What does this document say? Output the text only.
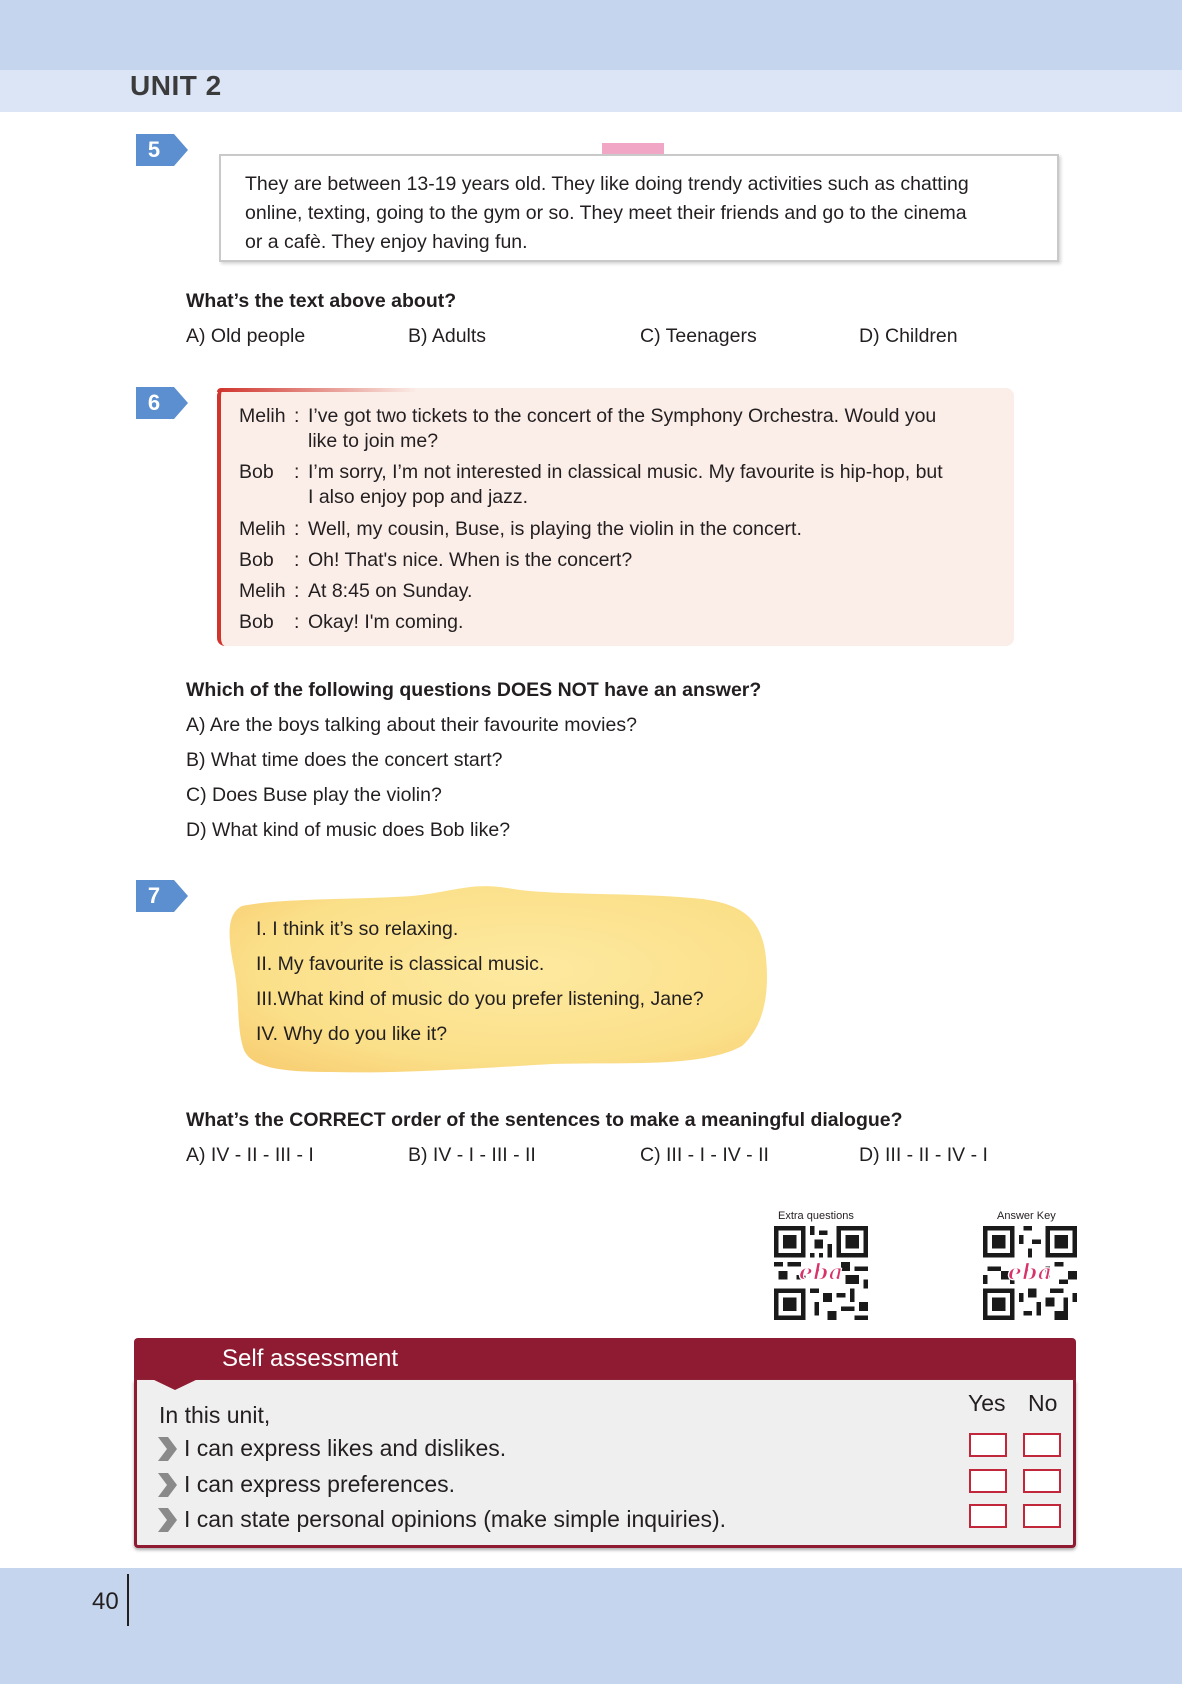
UNIT 2
5
They are between 13-19 years old. They like doing trendy activities such as chatting
online, texting, going to the gym or so. They meet their friends and go to the cinema
or a cafè. They enjoy having fun.
What’s the text above about?
A) Old people	B) Adults	C) Teenagers	D) Children
6
Melih : I’ve got two tickets to the concert of the Symphony Orchestra. Would you
like to join me?
Bob : I’m sorry, I’m not interested in classical music. My favourite is hip-hop, but
I also enjoy pop and jazz.
Melih : Well, my cousin, Buse, is playing the violin in the concert.
Bob : Oh! That's nice. When is the concert?
Melih : At 8:45 on Sunday.
Bob : Okay! I'm coming.
Which of the following questions DOES NOT have an answer?
A) Are the boys talking about their favourite movies?
B) What time does the concert start?
C) Does Buse play the violin?
D) What kind of music does Bob like?
7
I. I think it’s so relaxing.
II. My favourite is classical music.
III.What kind of music do you prefer listening, Jane?
IV. Why do you like it?
What’s the CORRECT order of the sentences to make a meaningful dialogue?
A) IV - II - III - I	B) IV - I - III - II	C) III - I - IV - II	D) III - II - IV - I
Extra questions
eba
Answer Key
eba
Self assessment
In this unit,	Yes No
I can express likes and dislikes.
I can express preferences.
I can state personal opinions (make simple inquiries).
40
